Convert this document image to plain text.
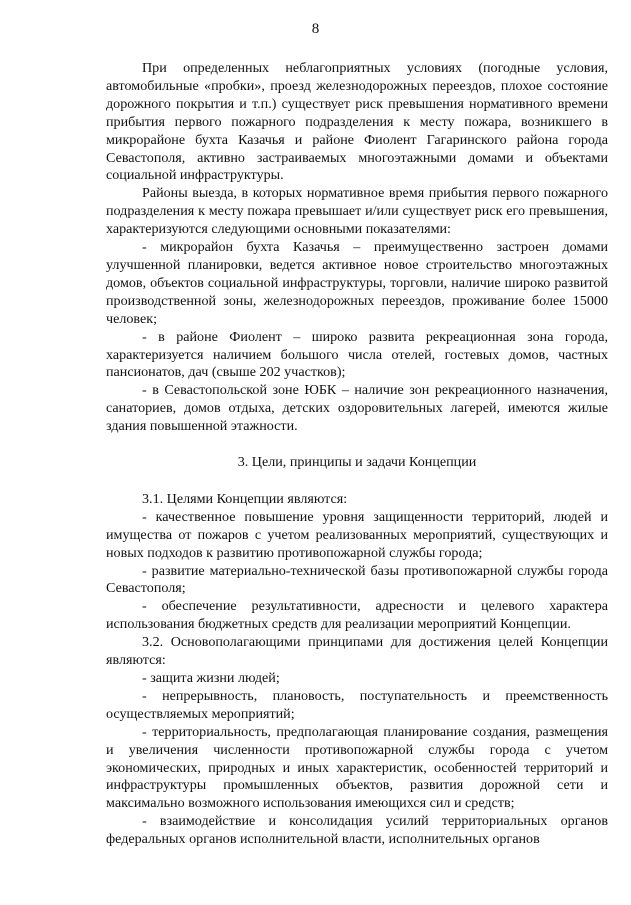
8

При определенных неблагоприятных условиях (погодные условия, автомобильные «пробки», проезд железнодорожных переездов, плохое состояние дорожного покрытия и т.п.) существует риск превышения нормативного времени прибытия первого пожарного подразделения к месту пожара, возникшего в микрорайоне бухта Казачья и районе Фиолент Гагаринского района города Севастополя, активно застраиваемых многоэтажными домами и объектами социальной инфраструктуры.

Районы выезда, в которых нормативное время прибытия первого пожарного подразделения к месту пожара превышает и/или существует риск его превышения, характеризуются следующими основными показателями:

- микрорайон бухта Казачья – преимущественно застроен домами улучшенной планировки, ведется активное новое строительство многоэтажных домов, объектов социальной инфраструктуры, торговли, наличие широко развитой производственной зоны, железнодорожных переездов, проживание более 15000 человек;

- в районе Фиолент – широко развита рекреационная зона города, характеризуется наличием большого числа отелей, гостевых домов, частных пансионатов, дач (свыше 202 участков);

- в Севастопольской зоне ЮБК – наличие зон рекреационного назначения, санаториев, домов отдыха, детских оздоровительных лагерей, имеются жилые здания повышенной этажности.

3. Цели, принципы и задачи Концепции

3.1. Целями Концепции являются:

- качественное повышение уровня защищенности территорий, людей и имущества от пожаров с учетом реализованных мероприятий, существующих и новых подходов к развитию противопожарной службы города;

- развитие материально-технической базы противопожарной службы города Севастополя;

- обеспечение результативности, адресности и целевого характера использования бюджетных средств для реализации мероприятий Концепции.

3.2. Основополагающими принципами для достижения целей Концепции являются:

- защита жизни людей;

- непрерывность, плановость, поступательность и преемственность осуществляемых мероприятий;

- территориальность, предполагающая планирование создания, размещения и увеличения численности противопожарной службы города с учетом экономических, природных и иных характеристик, особенностей территорий и инфраструктуры промышленных объектов, развития дорожной сети и максимально возможного использования имеющихся сил и средств;

- взаимодействие и консолидация усилий территориальных органов федеральных органов исполнительной власти, исполнительных органов
